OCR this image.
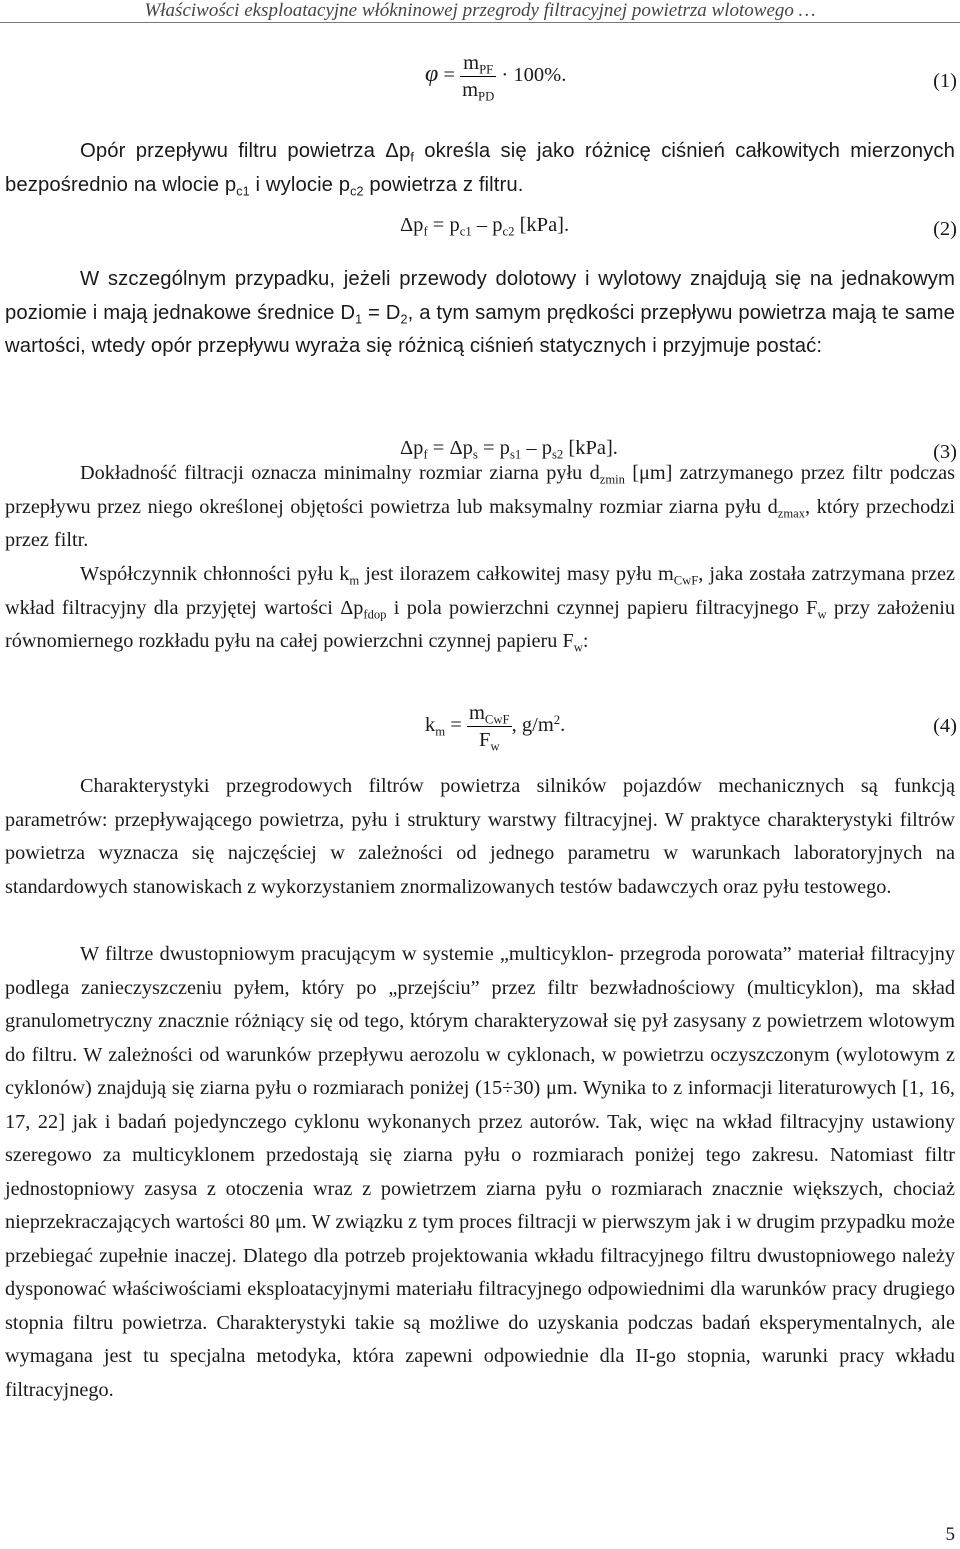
Właściwości eksploatacyjne włókninowej przegrody filtracyjnej powietrza wlotowego …
$\varphi = \frac{m_{PF}}{m_{PD}} \cdot 100\%$.	(1)

Opór przepływu filtru powietrza $\Delta p_f$ określa się jako różnicę ciśnień całkowitych mierzonych bezpośrednio na wlocie $p_{c1}$ i wylocie $p_{c2}$ powietrza z filtru.

$\Delta p_f = p_{c1} - p_{c2}$ [kPa].	(2)

W szczególnym przypadku, jeżeli przewody dolotowy i wylotowy znajdują się na jednakowym poziomie i mają jednakowe średnice $D_1 = D_2$, a tym samym prędkości przepływu powietrza mają te same wartości, wtedy opór przepływu wyraża się różnicą ciśnień statycznych i przyjmuje postać:

$\Delta p_f = \Delta p_s = p_{s1} - p_{s2}$ [kPa].	(3)

Dokładność filtracji oznacza minimalny rozmiar ziarna pyłu $d_{zmin}$ [μm] zatrzymanego przez filtr podczas przepływu przez niego określonej objętości powietrza lub maksymalny rozmiar ziarna pyłu $d_{zmax}$, który przechodzi przez filtr.

Współczynnik chłonności pyłu $k_m$ jest ilorazem całkowitej masy pyłu $m_{CwF}$, jaka została zatrzymana przez wkład filtracyjny dla przyjętej wartości $\Delta p_{fdop}$ i pola powierzchni czynnej papieru filtracyjnego $F_w$ przy założeniu równomiernego rozkładu pyłu na całej powierzchni czynnej papieru $F_w$:

$k_m = \frac{m_{CwF}}{F_w}$ , $g/m^2$.	(4)

Charakterystyki przegrodowych filtrów powietrza silników pojazdów mechanicznych są funkcją parametrów: przepływającego powietrza, pyłu i struktury warstwy filtracyjnej. W praktyce charakterystyki filtrów powietrza wyznacza się najczęściej w zależności od jednego parametru w warunkach laboratoryjnych na standardowych stanowiskach z wykorzystaniem znormalizowanych testów badawczych oraz pyłu testowego.

W filtrze dwustopniowym pracującym w systemie „multicyklon- przegroda porowata” materiał filtracyjny podlega zanieczyszczeniu pyłem, który po „przejściu” przez filtr bezwładnościowy (multicyklon), ma skład granulometryczny znacznie różniący się od tego, którym charakteryzował się pył zasysany z powietrzem wlotowym do filtru. W zależności od warunków przepływu aerozolu w cyklonach, w powietrzu oczyszczonym (wylotowym z cyklonów) znajdują się ziarna pyłu o rozmiarach poniżej (15÷30) μm. Wynika to z informacji literaturowych [1, 16, 17, 22] jak i badań pojedynczego cyklonu wykonanych przez autorów. Tak, więc na wkład filtracyjny ustawiony szeregowo za multicyklonem przedostają się ziarna pyłu o rozmiarach poniżej tego zakresu. Natomiast filtr jednostopniowy zasysa z otoczenia wraz z powietrzem ziarna pyłu o rozmiarach znacznie większych, chociaż nieprzekraczających wartości 80 μm. W związku z tym proces filtracji w pierwszym jak i w drugim przypadku może przebiegać zupełnie inaczej. Dlatego dla potrzeb projektowania wkładu filtracyjnego filtru dwustopniowego należy dysponować właściwościami eksploatacyjnymi materiału filtracyjnego odpowiednimi dla warunków pracy drugiego stopnia filtru powietrza. Charakterystyki takie są możliwe do uzyskania podczas badań eksperymentalnych, ale wymagana jest tu specjalna metodyka, która zapewni odpowiednie dla II-go stopnia, warunki pracy wkładu filtracyjnego.

5
